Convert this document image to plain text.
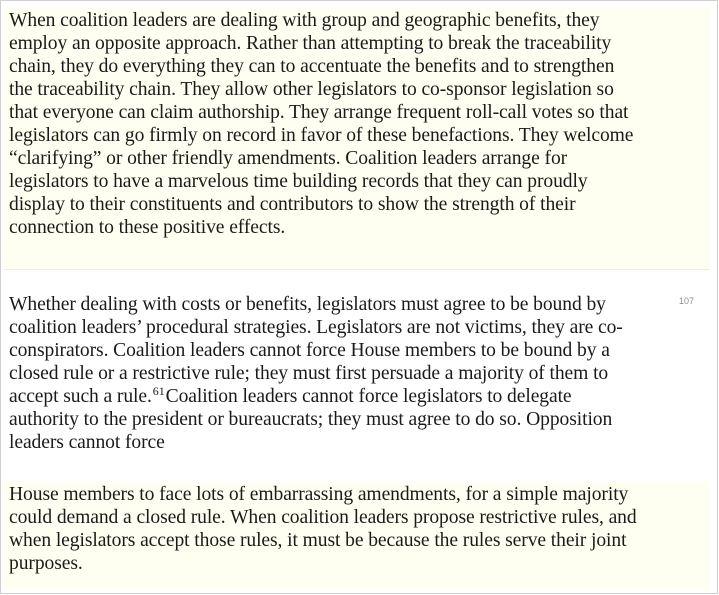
When coalition leaders are dealing with group and geographic benefits, they
employ an opposite approach. Rather than attempting to break the traceability
chain, they do everything they can to accentuate the benefits and to strengthen
the traceability chain. They allow other legislators to co-sponsor legislation so
that everyone can claim authorship. They arrange frequent roll-call votes so that
legislators can go firmly on record in favor of these benefactions. They welcome
“clarifying” or other friendly amendments. Coalition leaders arrange for
legislators to have a marvelous time building records that they can proudly
display to their constituents and contributors to show the strength of their
connection to these positive effects.
107
Whether dealing with costs or benefits, legislators must agree to be bound by
coalition leaders’ procedural strategies. Legislators are not victims, they are co-
conspirators. Coalition leaders cannot force House members to be bound by a
closed rule or a restrictive rule; they must first persuade a majority of them to
accept such a rule.$^{61}$Coalition leaders cannot force legislators to delegate
authority to the president or bureaucrats; they must agree to do so. Opposition
leaders cannot force
House members to face lots of embarrassing amendments, for a simple majority
could demand a closed rule. When coalition leaders propose restrictive rules, and
when legislators accept those rules, it must be because the rules serve their joint
purposes.
